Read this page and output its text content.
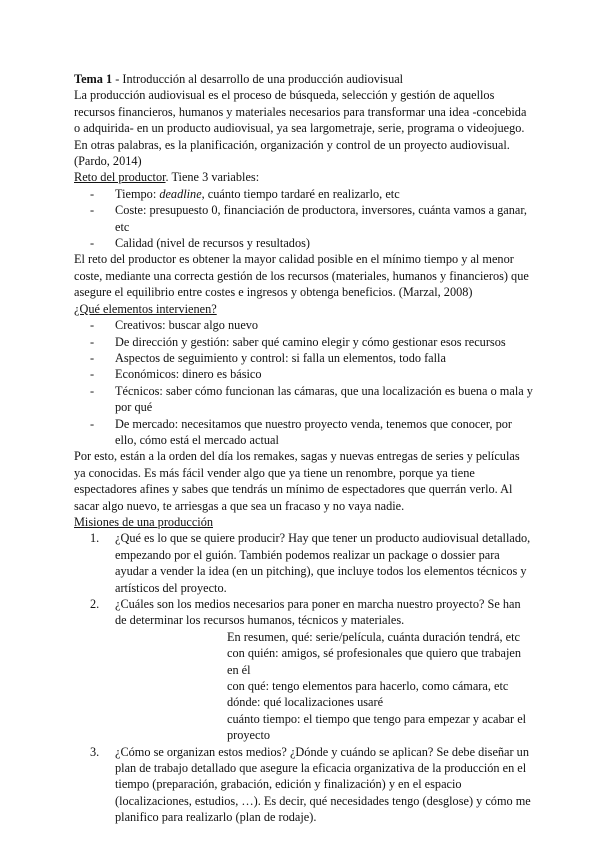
Tema 1 - Introducción al desarrollo de una producción audiovisual

La producción audiovisual es el proceso de búsqueda, selección y gestión de aquellos recursos financieros, humanos y materiales necesarios para transformar una idea -concebida o adquirida- en un producto audiovisual, ya sea largometraje, serie, programa o videojuego. En otras palabras, es la planificación, organización y control de un proyecto audiovisual. (Pardo, 2014)

Reto del productor. Tiene 3 variables:

- Tiempo: deadline, cuánto tiempo tardaré en realizarlo, etc
- Coste: presupuesto 0, financiación de productora, inversores, cuánta vamos a ganar, etc
- Calidad (nivel de recursos y resultados)

El reto del productor es obtener la mayor calidad posible en el mínimo tiempo y al menor coste, mediante una correcta gestión de los recursos (materiales, humanos y financieros) que asegure el equilibrio entre costes e ingresos y obtenga beneficios. (Marzal, 2008)

¿Qué elementos intervienen?

- Creativos: buscar algo nuevo
- De dirección y gestión: saber qué camino elegir y cómo gestionar esos recursos
- Aspectos de seguimiento y control: si falla un elementos, todo falla
- Económicos: dinero es básico
- Técnicos: saber cómo funcionan las cámaras, que una localización es buena o mala y por qué
- De mercado: necesitamos que nuestro proyecto venda, tenemos que conocer, por ello, cómo está el mercado actual

Por esto, están a la orden del día los remakes, sagas y nuevas entregas de series y películas ya conocidas. Es más fácil vender algo que ya tiene un renombre, porque ya tiene espectadores afines y sabes que tendrás un mínimo de espectadores que querrán verlo. Al sacar algo nuevo, te arriesgas a que sea un fracaso y no vaya nadie.

Misiones de una producción

1. ¿Qué es lo que se quiere producir? Hay que tener un producto audiovisual detallado, empezando por el guión. También podemos realizar un package o dossier para ayudar a vender la idea (en un pitching), que incluye todos los elementos técnicos y artísticos del proyecto.
2. ¿Cuáles son los medios necesarios para poner en marcha nuestro proyecto? Se han de determinar los recursos humanos, técnicos y materiales.
En resumen, qué: serie/película, cuánta duración tendrá, etc
con quién: amigos, sé profesionales que quiero que trabajen en él
con qué: tengo elementos para hacerlo, como cámara, etc
dónde: qué localizaciones usaré
cuánto tiempo: el tiempo que tengo para empezar y acabar el proyecto
3. ¿Cómo se organizan estos medios? ¿Dónde y cuándo se aplican? Se debe diseñar un plan de trabajo detallado que asegure la eficacia organizativa de la producción en el tiempo (preparación, grabación, edición y finalización) y en el espacio (localizaciones, estudios, …). Es decir, qué necesidades tengo (desglose) y cómo me planifico para realizarlo (plan de rodaje).
